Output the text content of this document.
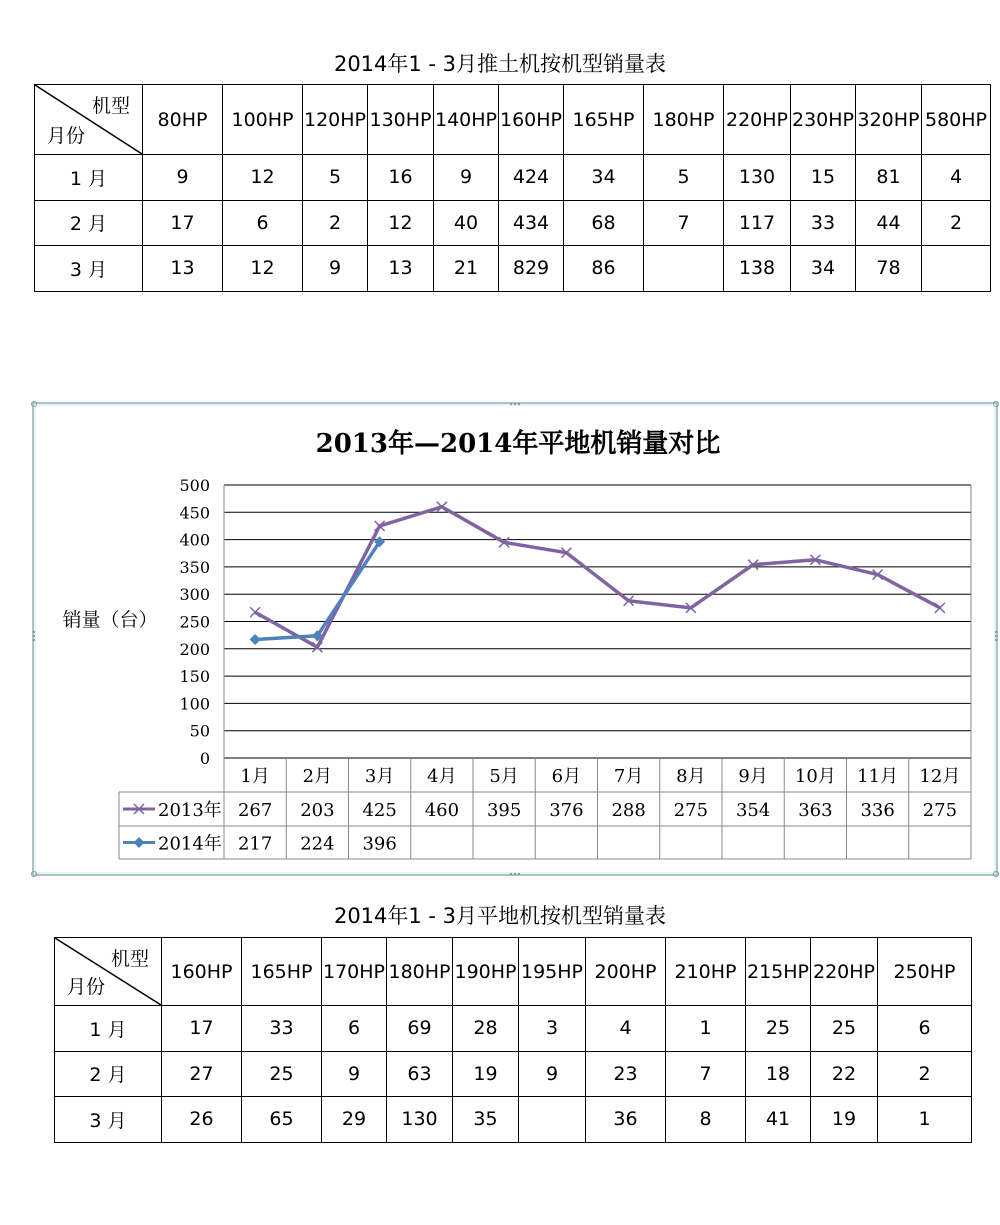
2014年1 - 3月推土机按机型销量表
机型
月份	80HP	100HP	120HP	130HP	140HP	160HP	165HP	180HP	220HP	230HP	320HP	580HP
1 月	9	12	5	16	9	424	34	5	130	15	81	4
2 月	17	6	2	12	40	434	68	7	117	33	44	2
3 月	13	12	9	13	21	829	86		138	34	78	
2013年—2014年平地机销量对比
销量（台）
0
50
100
150
200
250
300
350
400
450
500
1月 2月 3月 4月 5月 6月 7月 8月 9月 10月 11月 12月
2013年 267 203 425 460 395 376 288 275 354 363 336 275
2014年 217 224 396
2014年1 - 3月平地机按机型销量表
机型
月份	160HP	165HP	170HP	180HP	190HP	195HP	200HP	210HP	215HP	220HP	250HP
1 月	17	33	6	69	28	3	4	1	25	25	6
2 月	27	25	9	63	19	9	23	7	18	22	2
3 月	26	65	29	130	35		36	8	41	19	1
